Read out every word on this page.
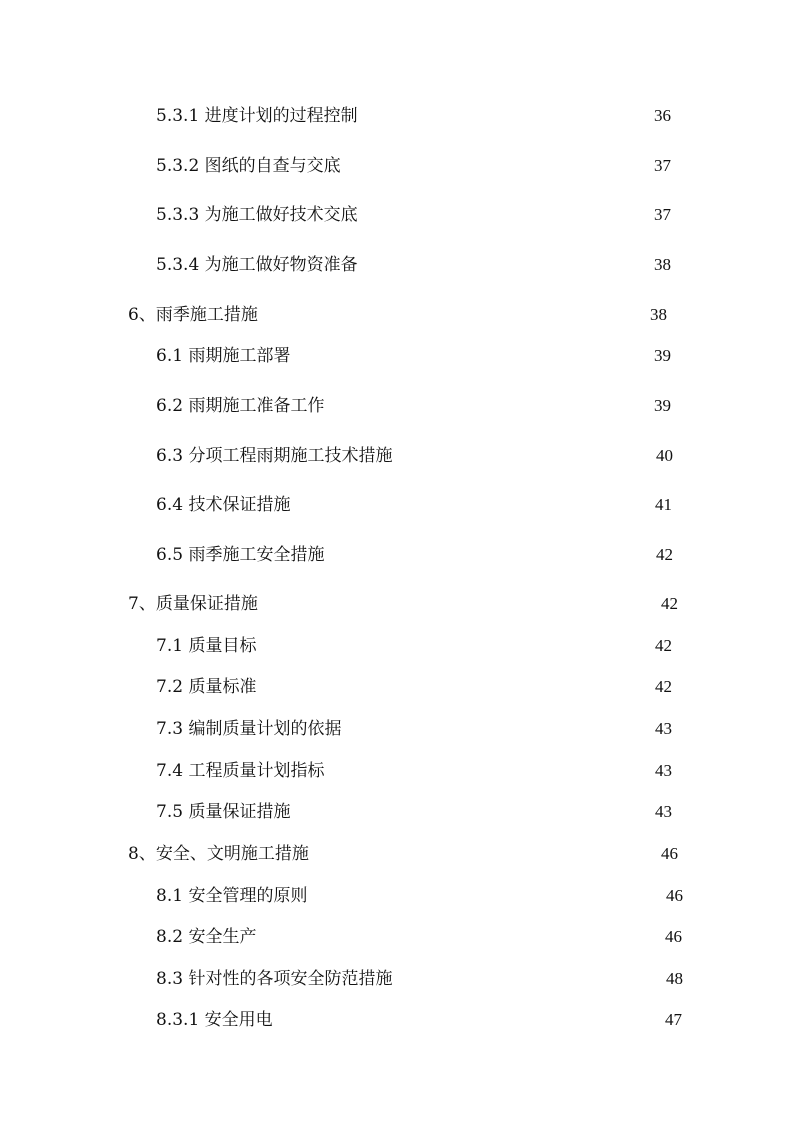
5.3.1 进度计划的过程控制	36
5.3.2 图纸的自查与交底	37
5.3.3 为施工做好技术交底	37
5.3.4 为施工做好物资准备	38
6、雨季施工措施	38
6.1 雨期施工部署	39
6.2 雨期施工准备工作	39
6.3 分项工程雨期施工技术措施	40
6.4 技术保证措施	41
6.5 雨季施工安全措施	42
7、质量保证措施	42
7.1 质量目标	42
7.2 质量标准	42
7.3 编制质量计划的依据	43
7.4 工程质量计划指标	43
7.5 质量保证措施	43
8、安全、文明施工措施	46
8.1 安全管理的原则	46
8.2 安全生产	46
8.3 针对性的各项安全防范措施	48
8.3.1 安全用电	47
